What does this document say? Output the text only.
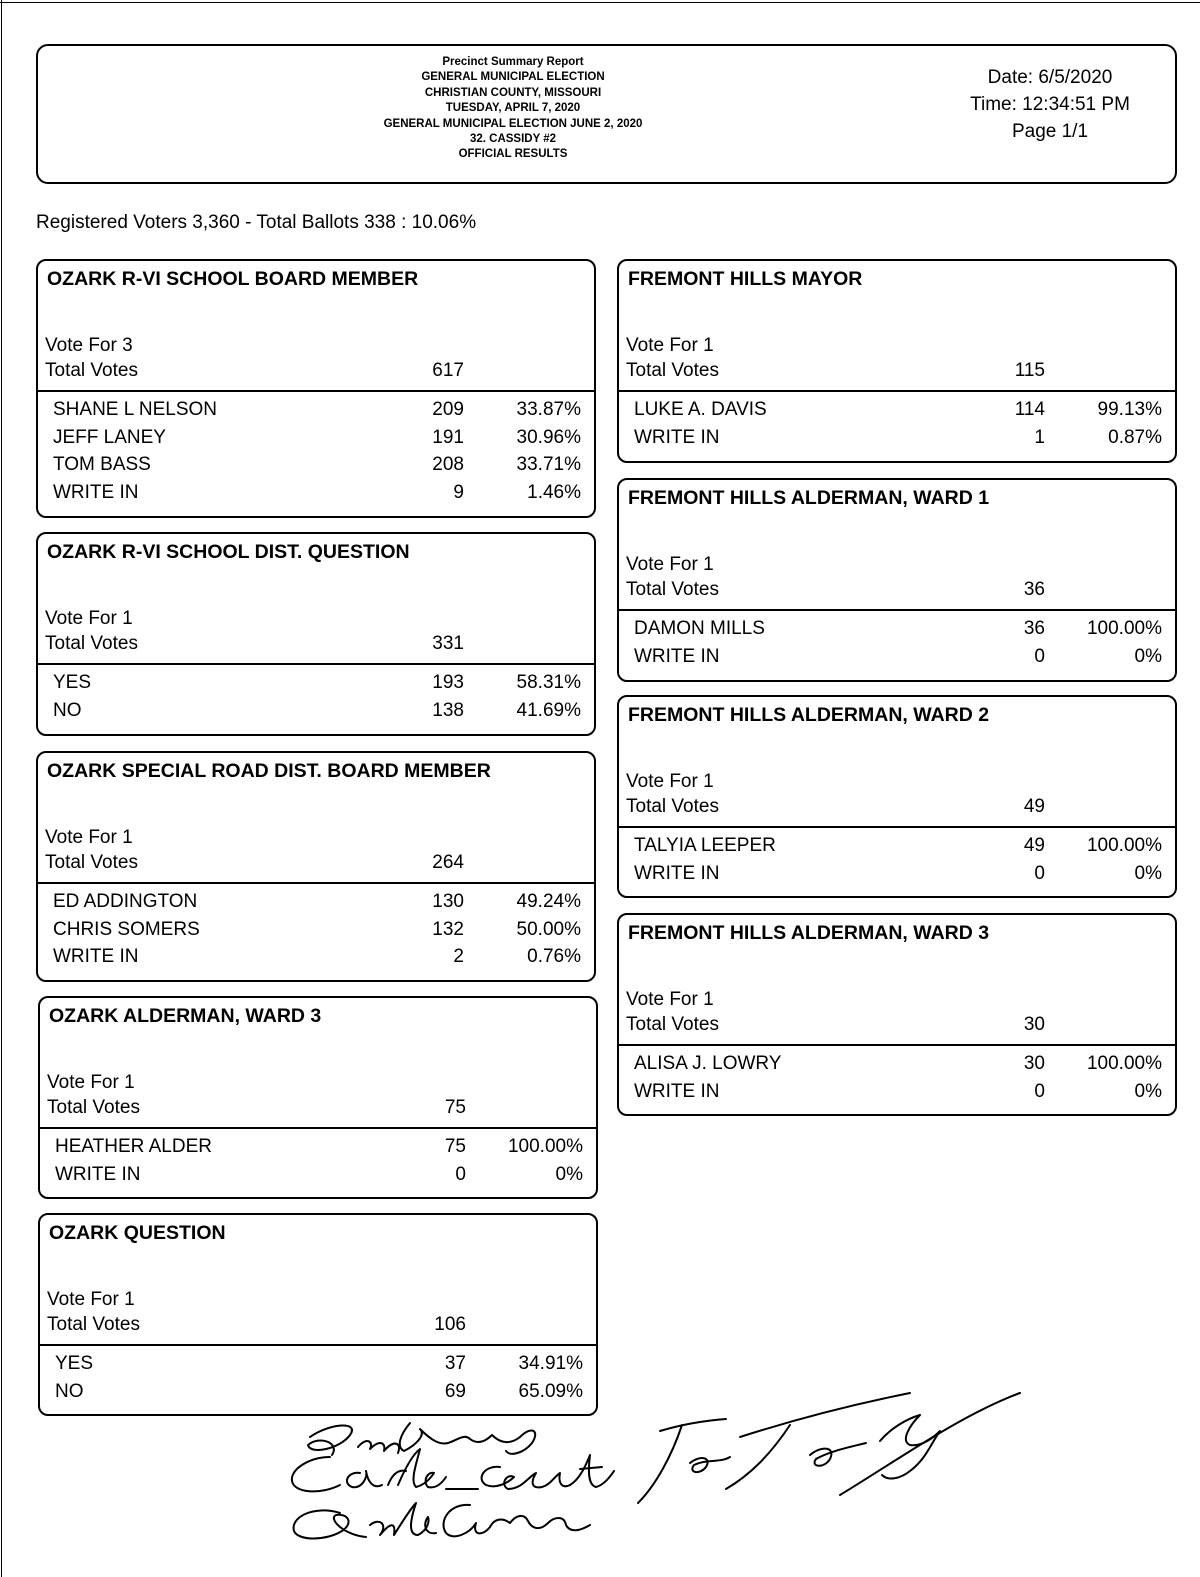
Precinct Summary Report
GENERAL MUNICIPAL ELECTION
CHRISTIAN COUNTY, MISSOURI
TUESDAY, APRIL 7, 2020
GENERAL MUNICIPAL ELECTION JUNE 2, 2020
32. CASSIDY #2
OFFICIAL RESULTS
Date: 6/5/2020
Time: 12:34:51 PM
Page 1/1
Registered Voters 3,360 - Total Ballots 338 : 10.06%
OZARK R-VI SCHOOL BOARD MEMBER
Vote For 3
Total Votes	617
SHANE L NELSON	209	33.87%
JEFF LANEY	191	30.96%
TOM BASS	208	33.71%
WRITE IN	9	1.46%
OZARK R-VI SCHOOL DIST. QUESTION
Vote For 1
Total Votes	331
YES	193	58.31%
NO	138	41.69%
OZARK SPECIAL ROAD DIST. BOARD MEMBER
Vote For 1
Total Votes	264
ED ADDINGTON	130	49.24%
CHRIS SOMERS	132	50.00%
WRITE IN	2	0.76%
OZARK ALDERMAN, WARD 3
Vote For 1
Total Votes	75
HEATHER ALDER	75	100.00%
WRITE IN	0	0%
OZARK QUESTION
Vote For 1
Total Votes	106
YES	37	34.91%
NO	69	65.09%
FREMONT HILLS MAYOR
Vote For 1
Total Votes	115
LUKE A. DAVIS	114	99.13%
WRITE IN	1	0.87%
FREMONT HILLS ALDERMAN, WARD 1
Vote For 1
Total Votes	36
DAMON MILLS	36	100.00%
WRITE IN	0	0%
FREMONT HILLS ALDERMAN, WARD 2
Vote For 1
Total Votes	49
TALYIA LEEPER	49	100.00%
WRITE IN	0	0%
FREMONT HILLS ALDERMAN, WARD 3
Vote For 1
Total Votes	30
ALISA J. LOWRY	30	100.00%
WRITE IN	0	0%
